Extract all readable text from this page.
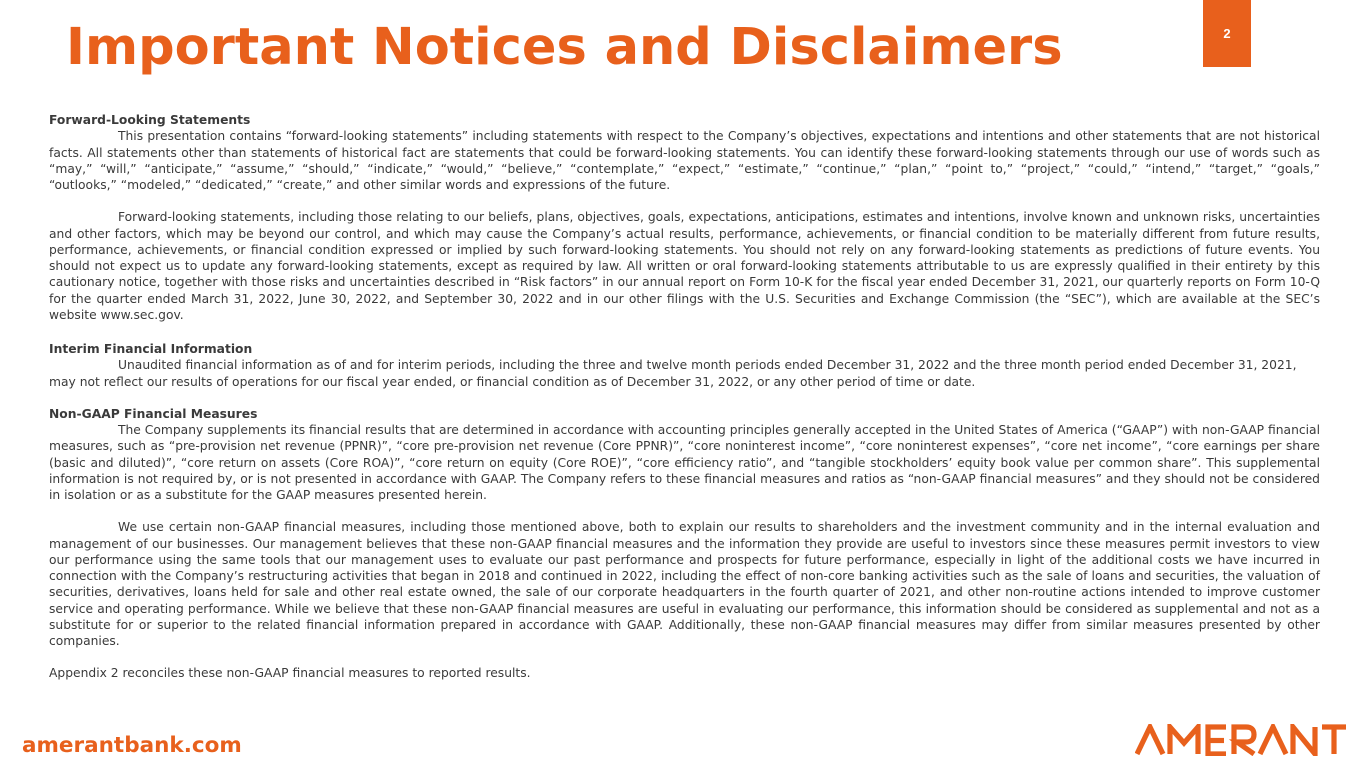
Important Notices and Disclaimers	2
Forward-Looking Statements

This presentation contains “forward-looking statements” including statements with respect to the Company’s objectives, expectations and intentions and other statements that are not historical facts. All statements other than statements of historical fact are statements that could be forward-looking statements. You can identify these forward-looking statements through our use of words such as “may,” “will,” “anticipate,” “assume,” “should,” “indicate,” “would,” “believe,” “contemplate,” “expect,” “estimate,” “continue,” “plan,” “point to,” “project,” “could,” “intend,” “target,” “goals,” “outlooks,” “modeled,” “dedicated,” “create,” and other similar words and expressions of the future.

Forward-looking statements, including those relating to our beliefs, plans, objectives, goals, expectations, anticipations, estimates and intentions, involve known and unknown risks, uncertainties and other factors, which may be beyond our control, and which may cause the Company’s actual results, performance, achievements, or financial condition to be materially different from future results, performance, achievements, or financial condition expressed or implied by such forward-looking statements. You should not rely on any forward-looking statements as predictions of future events. You should not expect us to update any forward-looking statements, except as required by law. All written or oral forward-looking statements attributable to us are expressly qualified in their entirety by this cautionary notice, together with those risks and uncertainties described in “Risk factors” in our annual report on Form 10-K for the fiscal year ended December 31, 2021, our quarterly reports on Form 10-Q for the quarter ended March 31, 2022, June 30, 2022, and September 30, 2022 and in our other filings with the U.S. Securities and Exchange Commission (the “SEC”), which are available at the SEC’s website www.sec.gov.

Interim Financial Information

Unaudited financial information as of and for interim periods, including the three and twelve month periods ended December 31, 2022 and the three month period ended December 31, 2021, may not reflect our results of operations for our fiscal year ended, or financial condition as of December 31, 2022, or any other period of time or date.

Non-GAAP Financial Measures

The Company supplements its financial results that are determined in accordance with accounting principles generally accepted in the United States of America (“GAAP”) with non-GAAP financial measures, such as “pre-provision net revenue (PPNR)”, “core pre-provision net revenue (Core PPNR)”, “core noninterest income”, “core noninterest expenses”, “core net income”, “core earnings per share (basic and diluted)”, “core return on assets (Core ROA)”, “core return on equity (Core ROE)”, “core efficiency ratio”, and “tangible stockholders’ equity book value per common share”. This supplemental information is not required by, or is not presented in accordance with GAAP. The Company refers to these financial measures and ratios as “non-GAAP financial measures” and they should not be considered in isolation or as a substitute for the GAAP measures presented herein.

We use certain non-GAAP financial measures, including those mentioned above, both to explain our results to shareholders and the investment community and in the internal evaluation and management of our businesses. Our management believes that these non-GAAP financial measures and the information they provide are useful to investors since these measures permit investors to view our performance using the same tools that our management uses to evaluate our past performance and prospects for future performance, especially in light of the additional costs we have incurred in connection with the Company’s restructuring activities that began in 2018 and continued in 2022, including the effect of non-core banking activities such as the sale of loans and securities, the valuation of securities, derivatives, loans held for sale and other real estate owned, the sale of our corporate headquarters in the fourth quarter of 2021, and other non-routine actions intended to improve customer service and operating performance. While we believe that these non-GAAP financial measures are useful in evaluating our performance, this information should be considered as supplemental and not as a substitute for or superior to the related financial information prepared in accordance with GAAP. Additionally, these non-GAAP financial measures may differ from similar measures presented by other companies.

Appendix 2 reconciles these non-GAAP financial measures to reported results.

amerantbank.com
